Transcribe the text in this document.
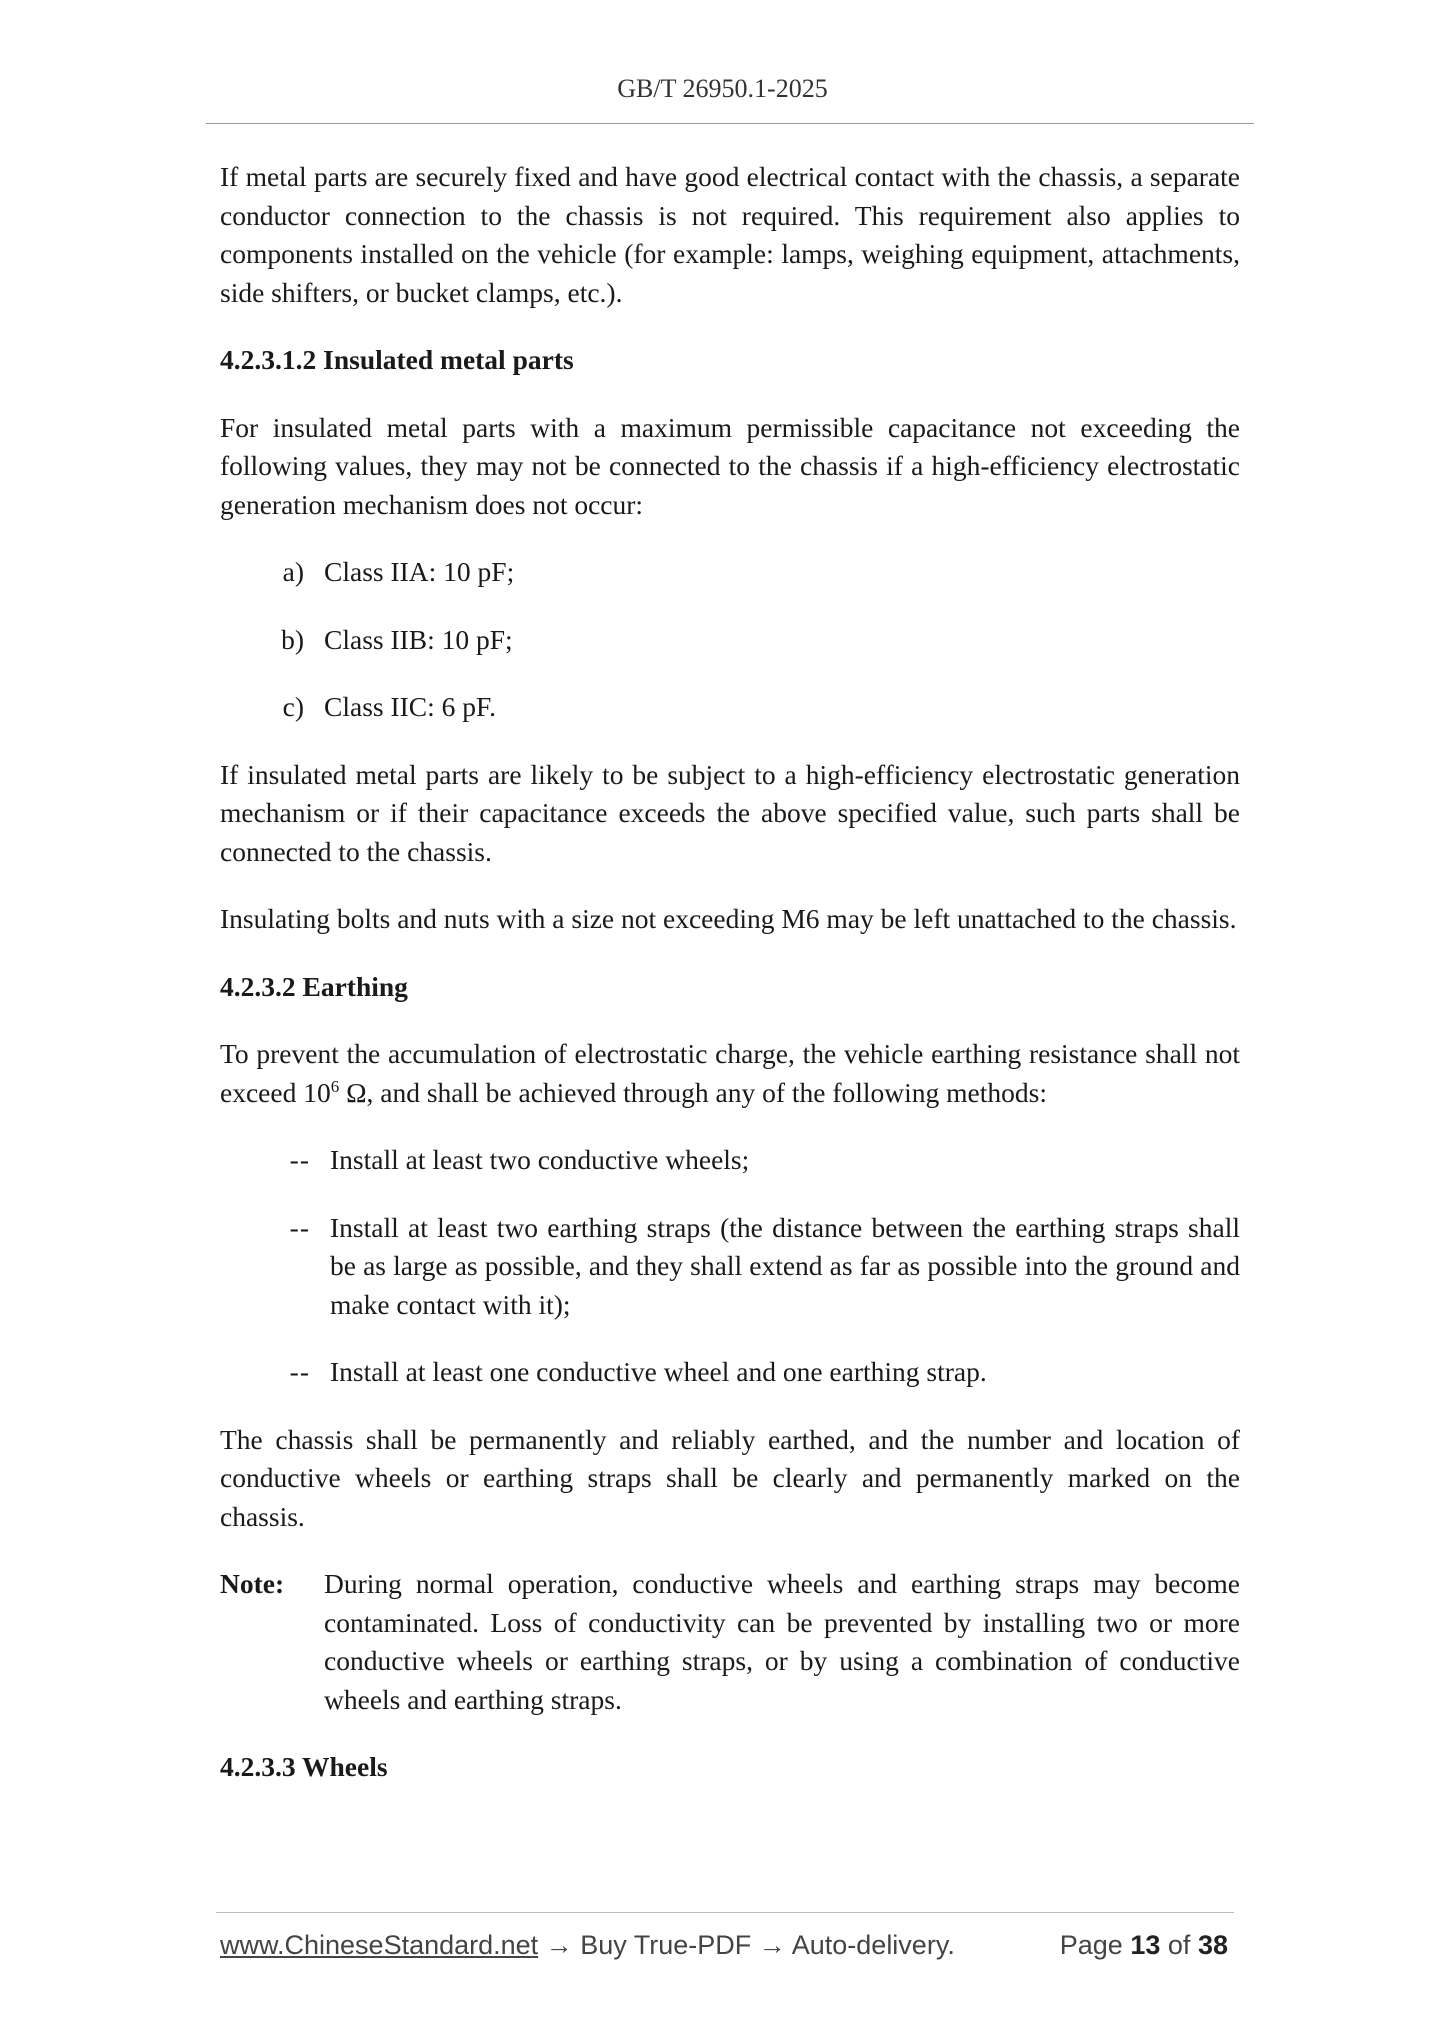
GB/T 26950.1-2025

If metal parts are securely fixed and have good electrical contact with the chassis, a separate conductor connection to the chassis is not required. This requirement also applies to components installed on the vehicle (for example: lamps, weighing equipment, attachments, side shifters, or bucket clamps, etc.).

4.2.3.1.2 Insulated metal parts

For insulated metal parts with a maximum permissible capacitance not exceeding the following values, they may not be connected to the chassis if a high-efficiency electrostatic generation mechanism does not occur:

a) Class IIA: 10 pF;
b) Class IIB: 10 pF;
c) Class IIC: 6 pF.

If insulated metal parts are likely to be subject to a high-efficiency electrostatic generation mechanism or if their capacitance exceeds the above specified value, such parts shall be connected to the chassis.

Insulating bolts and nuts with a size not exceeding M6 may be left unattached to the chassis.

4.2.3.2 Earthing

To prevent the accumulation of electrostatic charge, the vehicle earthing resistance shall not exceed $10^6$ Ω, and shall be achieved through any of the following methods:

-- Install at least two conductive wheels;
-- Install at least two earthing straps (the distance between the earthing straps shall be as large as possible, and they shall extend as far as possible into the ground and make contact with it);
-- Install at least one conductive wheel and one earthing strap.

The chassis shall be permanently and reliably earthed, and the number and location of conductive wheels or earthing straps shall be clearly and permanently marked on the chassis.

Note:	During normal operation, conductive wheels and earthing straps may become contaminated. Loss of conductivity can be prevented by installing two or more conductive wheels or earthing straps, or by using a combination of conductive wheels and earthing straps.
4.2.3.3 Wheels
www.ChineseStandard.net → Buy True-PDF → Auto-delivery.	Page 13 of 38
